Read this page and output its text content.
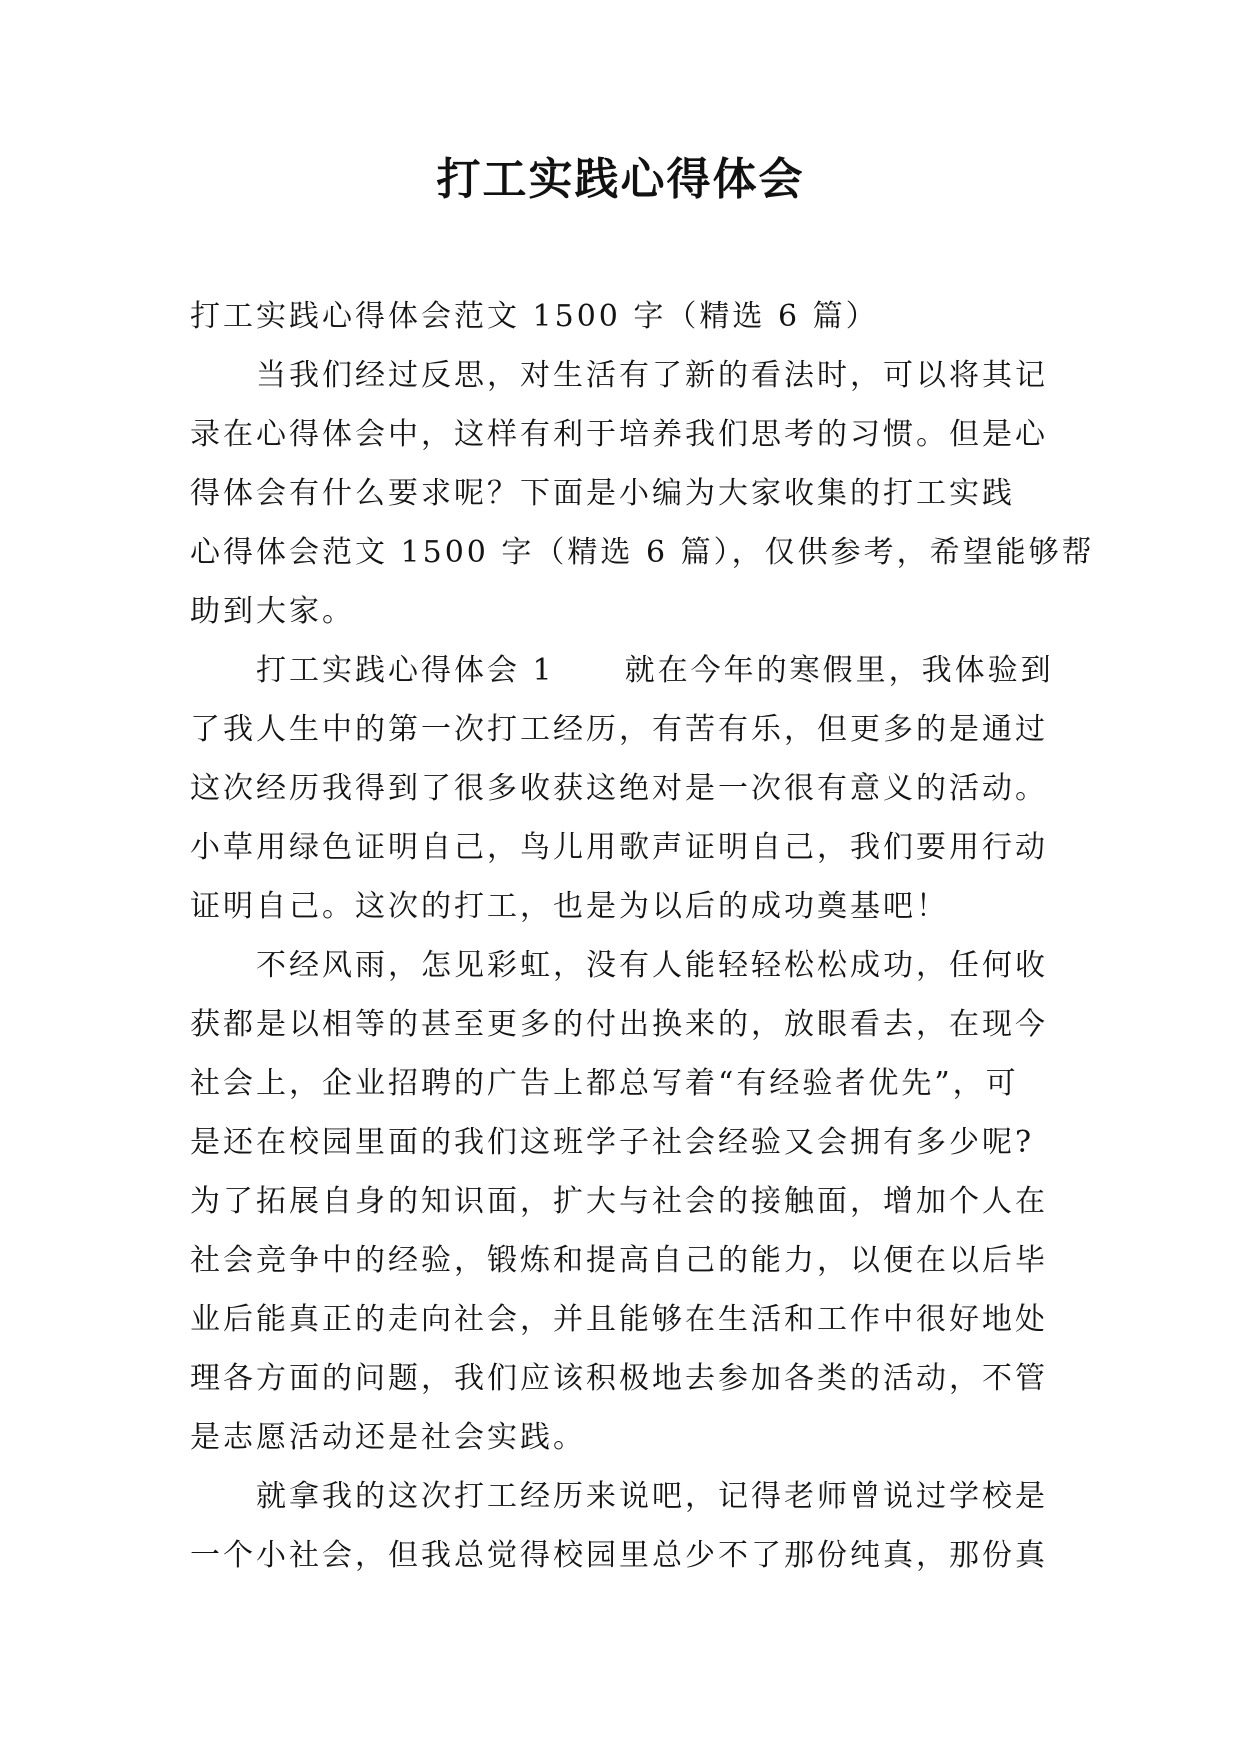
打工实践心得体会
打工实践心得体会范文 1500 字（精选 6 篇）
　　当我们经过反思，对生活有了新的看法时，可以将其记
录在心得体会中，这样有利于培养我们思考的习惯。但是心
得体会有什么要求呢？下面是小编为大家收集的打工实践
心得体会范文 1500 字（精选 6 篇），仅供参考，希望能够帮
助到大家。
　　打工实践心得体会 1 就在今年的寒假里，我体验到
了我人生中的第一次打工经历，有苦有乐，但更多的是通过
这次经历我得到了很多收获这绝对是一次很有意义的活动。
小草用绿色证明自己，鸟儿用歌声证明自己，我们要用行动
证明自己。这次的打工，也是为以后的成功奠基吧！
　　不经风雨，怎见彩虹，没有人能轻轻松松成功，任何收
获都是以相等的甚至更多的付出换来的，放眼看去，在现今
社会上，企业招聘的广告上都总写着“有经验者优先”，可
是还在校园里面的我们这班学子社会经验又会拥有多少呢?
为了拓展自身的知识面，扩大与社会的接触面，增加个人在
社会竞争中的经验，锻炼和提高自己的能力，以便在以后毕
业后能真正的走向社会，并且能够在生活和工作中很好地处
理各方面的问题，我们应该积极地去参加各类的活动，不管
是志愿活动还是社会实践。
　　就拿我的这次打工经历来说吧，记得老师曾说过学校是
一个小社会，但我总觉得校园里总少不了那份纯真，那份真
